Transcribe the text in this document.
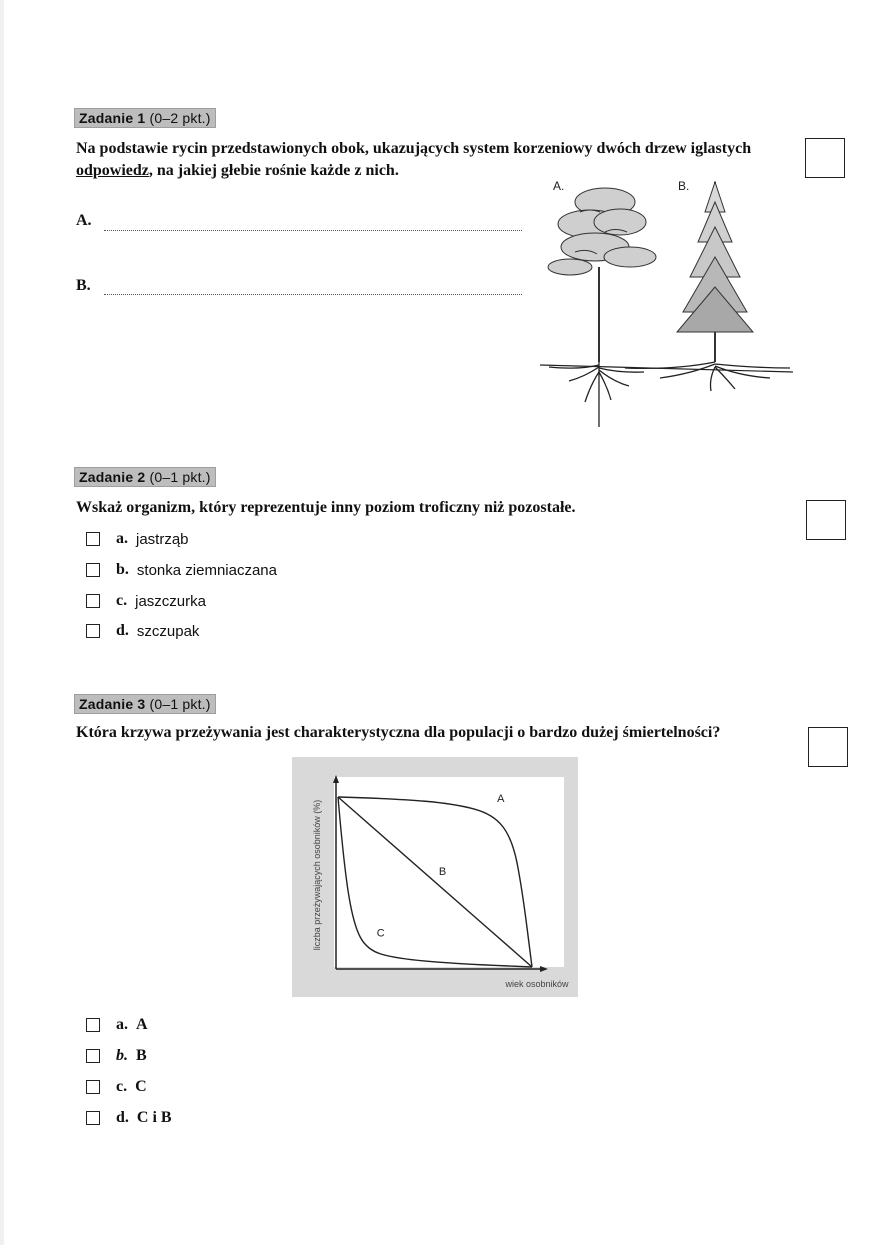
Zadanie 1 (0–2 pkt.)
Na podstawie rycin przedstawionych obok, ukazujących system korzeniowy dwóch drzew iglastych odpowiedz, na jakiej głebie rośnie każde z nich.
A.
B.
A.	B.
Zadanie 2 (0–1 pkt.)
Wskaż organizm, który reprezentuje inny poziom troficzny niż pozostałe.
a. jastrząb
b. stonka ziemniaczana
c. jaszczurka
d. szczupak
Zadanie 3 (0–1 pkt.)
Która krzywa przeżywania jest charakterystyczna dla populacji o bardzo dużej śmiertelności?
liczba przeżywających osobników (%)
wiek osobników
A
B
C
a. A
b. B
c. C
d. C i B
